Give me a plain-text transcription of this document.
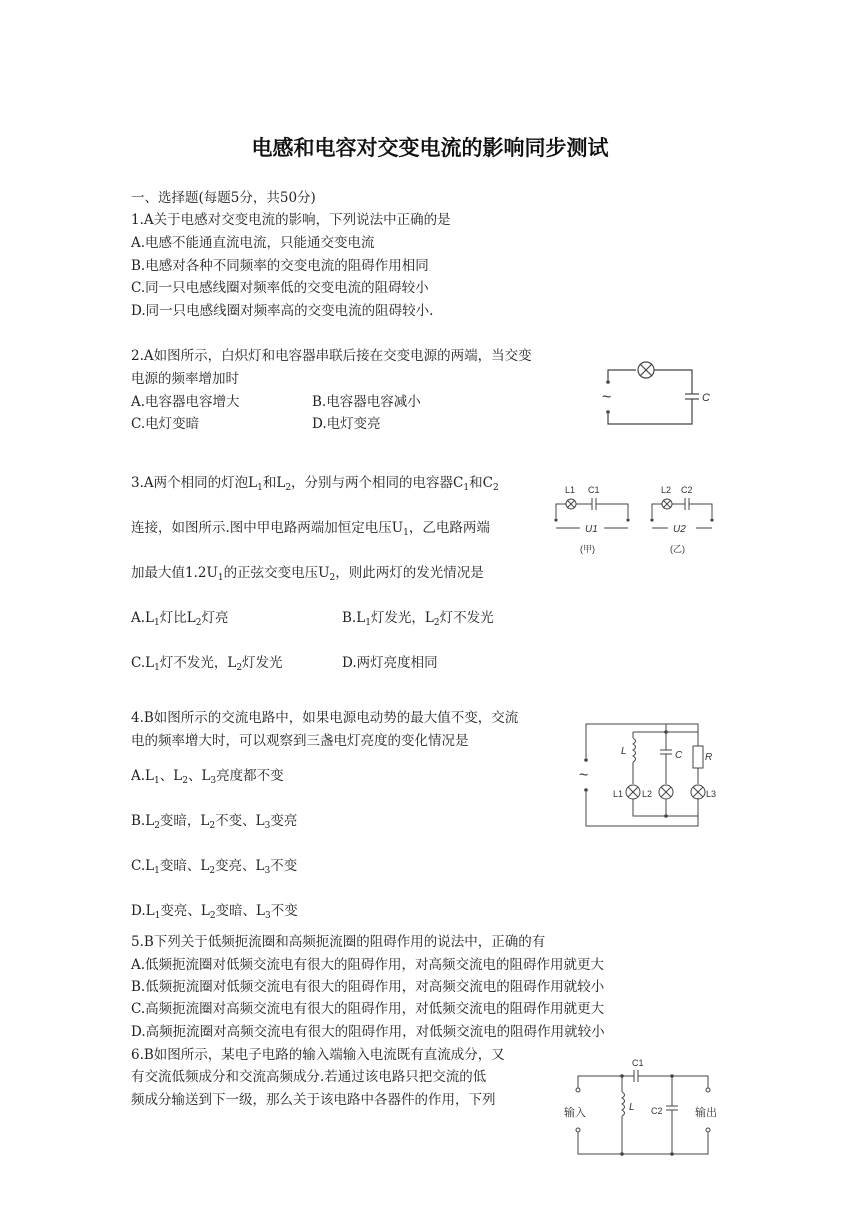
电感和电容对交变电流的影响同步测试
一、选择题(每题5分，共50分)
1.A关于电感对交变电流的影响，下列说法中正确的是
A.电感不能通直流电流，只能通交变电流
B.电感对各种不同频率的交变电流的阻碍作用相同
C.同一只电感线圈对频率低的交变电流的阻碍较小
D.同一只电感线圈对频率高的交变电流的阻碍较小.
2.A如图所示，白炽灯和电容器串联后接在交变电源的两端，当交变
电源的频率增加时
A.电容器电容增大	B.电容器电容减小
C.电灯变暗	D.电灯变亮
~	C
3.A两个相同的灯泡$L_1$和$L_2$，分别与两个相同的电容器$C_1$和$C_2$
连接，如图所示.图中甲电路两端加恒定电压$U_1$，乙电路两端
加最大值$1.2U_1$的正弦交变电压$U_2$，则此两灯的发光情况是
$A.L_1$灯比$L_2$灯亮	$B.L_1$灯发光，$L_2$灯不发光
$C.L_1$灯不发光，$L_2$灯发光	D.两灯亮度相同
L1 C1
U1
(甲)
L2 C2
U2
(乙)
4.B如图所示的交流电路中，如果电源电动势的最大值不变，交流
电的频率增大时，可以观察到三盏电灯亮度的变化情况是
$A.L_1$、$L_2$、$L_3$亮度都不变
$B.L_2$变暗，$L_2$不变、$L_3$变亮
$C.L_1$变暗、$L_2$变亮、$L_3$不变
$D.L_1$变亮、$L_2$变暗、$L_3$不变
~
L	C R
L1 L2	L3
5.B下列关于低频扼流圈和高频扼流圈的阻碍作用的说法中，正确的有
A.低频扼流圈对低频交流电有很大的阻碍作用，对高频交流电的阻碍作用就更大
B.低频扼流圈对低频交流电有很大的阻碍作用，对高频交流电的阻碍作用就较小
C.高频扼流圈对高频交流电有很大的阻碍作用，对低频交流电的阻碍作用就更大
D.高频扼流圈对高频交流电有很大的阻碍作用，对低频交流电的阻碍作用就较小
6.B如图所示，某电子电路的输入端输入电流既有直流成分，又
有交流低频成分和交流高频成分.若通过该电路只把交流的低
频成分输送到下一级，那么关于该电路中各器件的作用，下列
输入	输出
L
C1
C2
